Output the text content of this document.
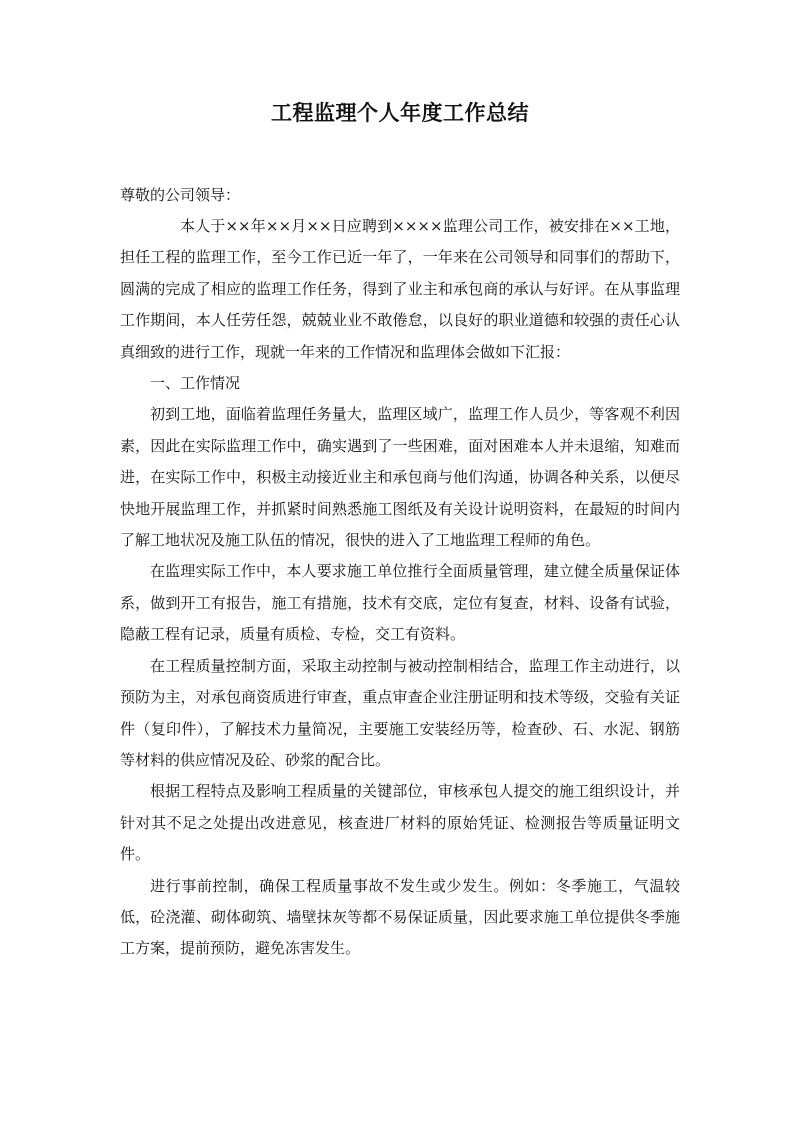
工程监理个人年度工作总结

尊敬的公司领导：

本人于××年××月××日应聘到××××监理公司工作，被安排在××工地，担任工程的监理工作，至今工作已近一年了，一年来在公司领导和同事们的帮助下，圆满的完成了相应的监理工作任务，得到了业主和承包商的承认与好评。在从事监理工作期间，本人任劳任怨，兢兢业业不敢倦怠，以良好的职业道德和较强的责任心认真细致的进行工作，现就一年来的工作情况和监理体会做如下汇报：

一、工作情况

初到工地，面临着监理任务量大，监理区域广，监理工作人员少，等客观不利因素，因此在实际监理工作中，确实遇到了一些困难，面对困难本人并未退缩，知难而进，在实际工作中，积极主动接近业主和承包商与他们沟通，协调各种关系，以便尽快地开展监理工作，并抓紧时间熟悉施工图纸及有关设计说明资料，在最短的时间内了解工地状况及施工队伍的情况，很快的进入了工地监理工程师的角色。

在监理实际工作中，本人要求施工单位推行全面质量管理，建立健全质量保证体系，做到开工有报告，施工有措施，技术有交底，定位有复查，材料、设备有试验，隐蔽工程有记录，质量有质检、专检，交工有资料。

在工程质量控制方面，采取主动控制与被动控制相结合，监理工作主动进行，以预防为主，对承包商资质进行审查，重点审查企业注册证明和技术等级，交验有关证件（复印件），了解技术力量简况，主要施工安装经历等，检查砂、石、水泥、钢筋等材料的供应情况及砼、砂浆的配合比。

根据工程特点及影响工程质量的关键部位，审核承包人提交的施工组织设计，并针对其不足之处提出改进意见，核查进厂材料的原始凭证、检测报告等质量证明文件。

进行事前控制，确保工程质量事故不发生或少发生。例如：冬季施工，气温较低，砼浇灌、砌体砌筑、墙壁抹灰等都不易保证质量，因此要求施工单位提供冬季施工方案，提前预防，避免冻害发生。
